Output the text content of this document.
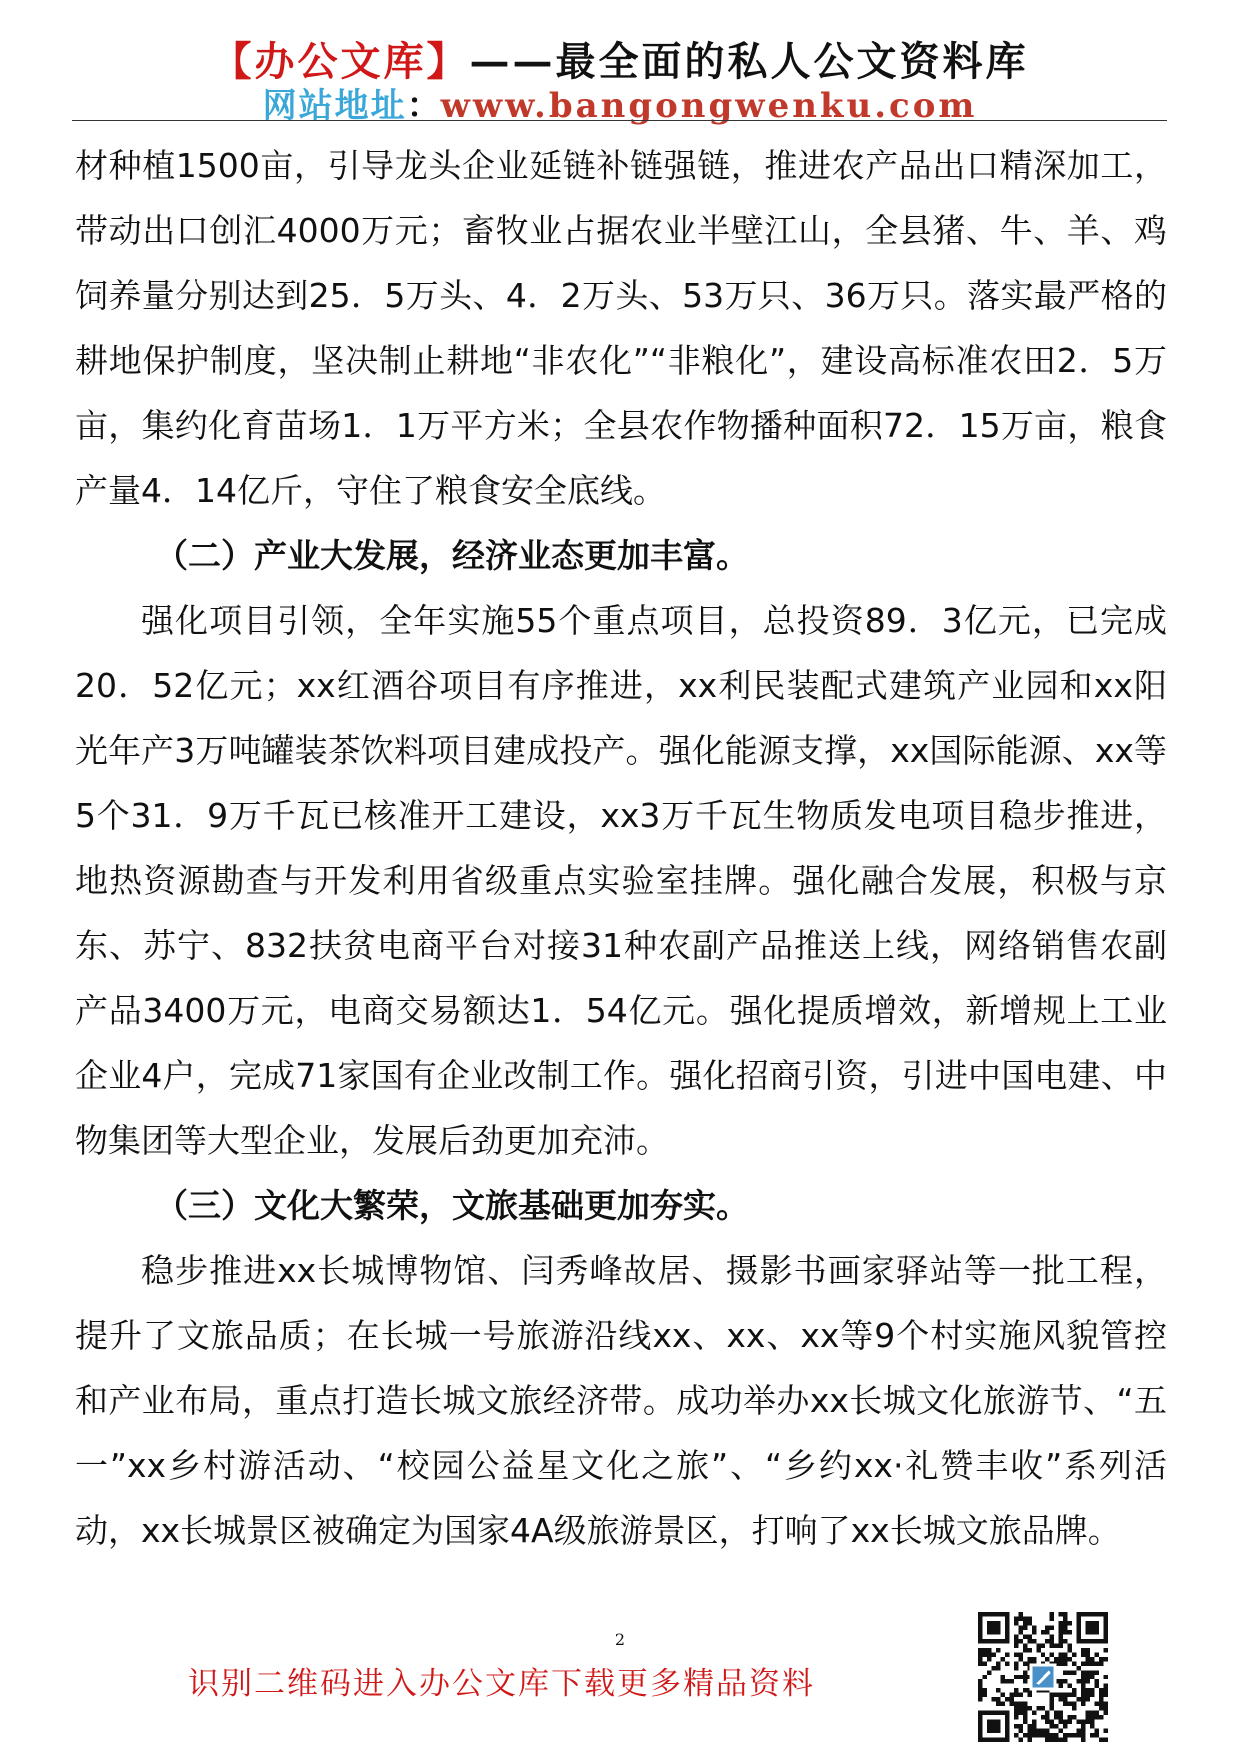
【办公文库】——最全面的私人公文资料库
网站地址：www.bangongwenku.com

材种植1500亩，引导龙头企业延链补链强链，推进农产品出口精深加工，带动出口创汇4000万元；畜牧业占据农业半壁江山，全县猪、牛、羊、鸡饲养量分别达到25．5万头、4．2万头、53万只、36万只。落实最严格的耕地保护制度，坚决制止耕地“非农化”“非粮化”，建设高标准农田2．5万亩，集约化育苗场1．1万平方米；全县农作物播种面积72．15万亩，粮食产量4．14亿斤，守住了粮食安全底线。

（二）产业大发展，经济业态更加丰富。

强化项目引领，全年实施55个重点项目，总投资89．3亿元，已完成20．52亿元；xx红酒谷项目有序推进，xx利民装配式建筑产业园和xx阳光年产3万吨罐装茶饮料项目建成投产。强化能源支撑，xx国际能源、xx等5个31．9万千瓦已核准开工建设，xx3万千瓦生物质发电项目稳步推进，地热资源勘查与开发利用省级重点实验室挂牌。强化融合发展，积极与京东、苏宁、832扶贫电商平台对接31种农副产品推送上线，网络销售农副产品3400万元，电商交易额达1．54亿元。强化提质增效，新增规上工业企业4户，完成71家国有企业改制工作。强化招商引资，引进中国电建、中物集团等大型企业，发展后劲更加充沛。

（三）文化大繁荣，文旅基础更加夯实。

稳步推进xx长城博物馆、闫秀峰故居、摄影书画家驿站等一批工程，提升了文旅品质；在长城一号旅游沿线xx、xx、xx等9个村实施风貌管控和产业布局，重点打造长城文旅经济带。成功举办xx长城文化旅游节、“五一”xx乡村游活动、“校园公益星文化之旅”、“乡约xx·礼赞丰收”系列活动，xx长城景区被确定为国家4A级旅游景区，打响了xx长城文旅品牌。

2
识别二维码进入办公文库下载更多精品资料
